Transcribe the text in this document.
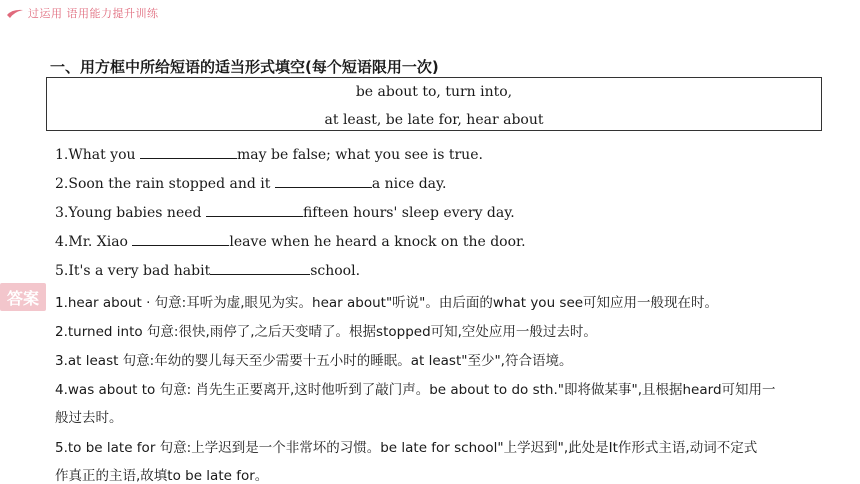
过运用 语用能力提升训练
一、用方框中所给短语的适当形式填空(每个短语限用一次)
be about to, turn into,
at least, be late for, hear about
1.What you	may be false; what you see is true.
2.Soon the rain stopped and it	a nice day.
3.Young babies need	fifteen hours' sleep every day.
4.Mr. Xiao	leave when he heard a knock on the door.
5.It's a very bad habit	school.
答案	1.hear about · 句意:耳听为虚,眼见为实。hear about"听说"。由后面的what you see可知应用一般现在时。
2.turned into 句意:很快,雨停了,之后天变晴了。根据stopped可知,空处应用一般过去时。
3.at least 句意:年幼的婴儿每天至少需要十五小时的睡眠。at least"至少",符合语境。
4.was about to 句意: 肖先生正要离开,这时他听到了敲门声。be about to do sth."即将做某事",且根据heard可知用一
般过去时。
5.to be late for 句意:上学迟到是一个非常坏的习惯。be late for school"上学迟到",此处是It作形式主语,动词不定式
作真正的主语,故填to be late for。
